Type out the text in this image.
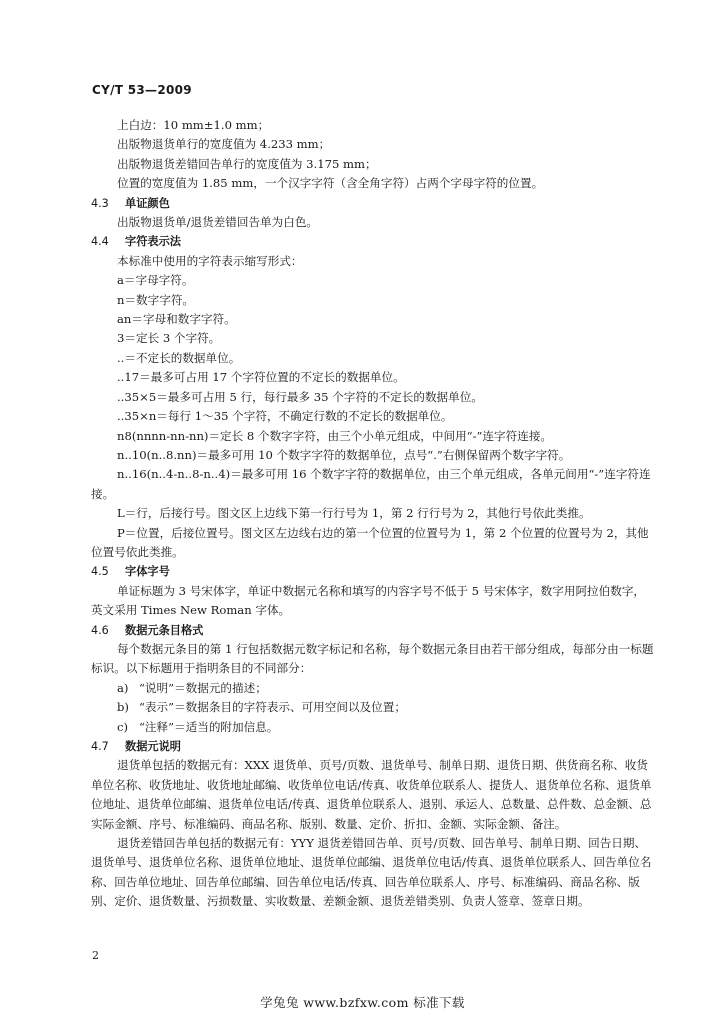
CY/T 53—2009

上白边：10 mm±1.0 mm；

出版物退货单行的宽度值为 4.233 mm；

出版物退货差错回告单行的宽度值为 3.175 mm；

位置的宽度值为 1.85 mm，一个汉字字符（含全角字符）占两个字母字符的位置。

4.3 单证颜色

出版物退货单/退货差错回告单为白色。

4.4 字符表示法

本标准中使用的字符表示缩写形式：

a＝字母字符。

n＝数字字符。

an＝字母和数字字符。

3＝定长 3 个字符。

..＝不定长的数据单位。

..17＝最多可占用 17 个字符位置的不定长的数据单位。

..35×5＝最多可占用 5 行，每行最多 35 个字符的不定长的数据单位。

..35×n＝每行 1～35 个字符，不确定行数的不定长的数据单位。

n8(nnnn-nn-nn)＝定长 8 个数字字符，由三个小单元组成，中间用“-”连字符连接。

n..10(n..8.nn)＝最多可用 10 个数字字符的数据单位，点号“.”右侧保留两个数字字符。

n..16(n..4-n..8-n..4)＝最多可用 16 个数字字符的数据单位，由三个单元组成，各单元间用“-”连字符连接。

L＝行，后接行号。图文区上边线下第一行行号为 1，第 2 行行号为 2，其他行号依此类推。

P＝位置，后接位置号。图文区左边线右边的第一个位置的位置号为 1，第 2 个位置的位置号为 2，其他位置号依此类推。

4.5 字体字号

单证标题为 3 号宋体字，单证中数据元名称和填写的内容字号不低于 5 号宋体字，数字用阿拉伯数字，英文采用 Times New Roman 字体。

4.6 数据元条目格式

每个数据元条目的第 1 行包括数据元数字标记和名称，每个数据元条目由若干部分组成，每部分由一标题标识。以下标题用于指明条目的不同部分：

a) “说明”＝数据元的描述；

b) “表示”＝数据条目的字符表示、可用空间以及位置；

c) “注释”＝适当的附加信息。

4.7 数据元说明

退货单包括的数据元有：XXX 退货单、页号/页数、退货单号、制单日期、退货日期、供货商名称、收货单位名称、收货地址、收货地址邮编、收货单位电话/传真、收货单位联系人、提货人、退货单位名称、退货单位地址、退货单位邮编、退货单位电话/传真、退货单位联系人、退别、承运人、总数量、总件数、总金额、总实际金额、序号、标准编码、商品名称、版别、数量、定价、折扣、金额、实际金额、备注。

退货差错回告单包括的数据元有：YYY 退货差错回告单、页号/页数、回告单号、制单日期、回告日期、退货单号、退货单位名称、退货单位地址、退货单位邮编、退货单位电话/传真、退货单位联系人、回告单位名称、回告单位地址、回告单位邮编、回告单位电话/传真、回告单位联系人、序号、标准编码、商品名称、版别、定价、退货数量、污损数量、实收数量、差额金额、退货差错类别、负责人签章、签章日期。

2
学兔兔 www.bzfxw.com 标准下载
